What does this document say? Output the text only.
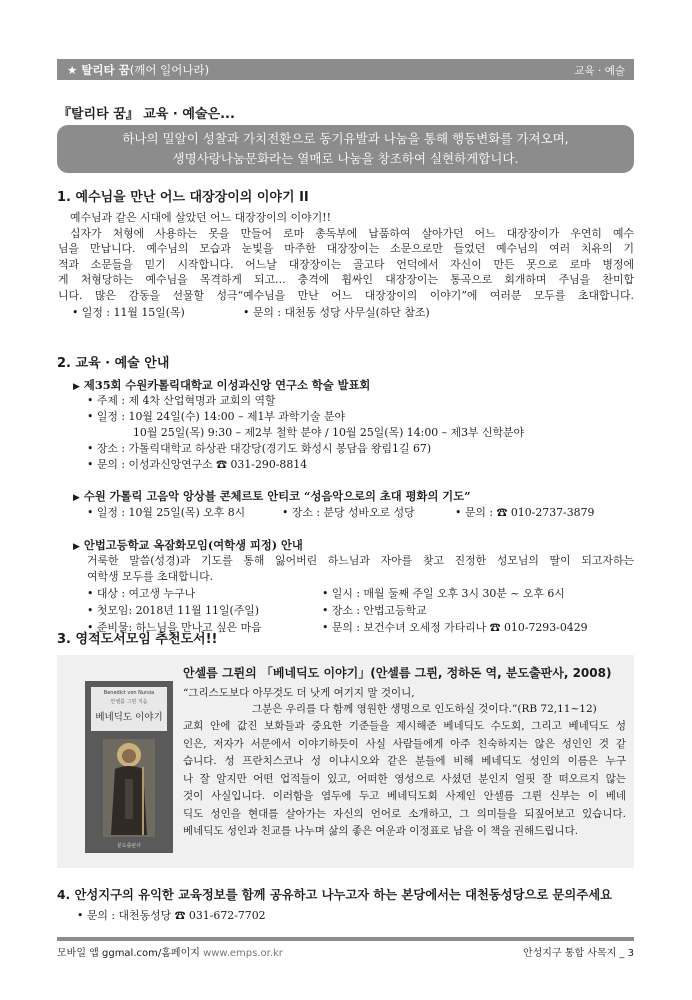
★ 탈리타 꿈(깨어 일어나라)	교육 · 예술
『탈리타 꿈』 교육 · 예술은...
하나의 밀알이 성찰과 가치전환으로 동기유발과 나눔을 통해 행동변화를 가져오며,
생명사랑나눔문화라는 열매로 나눔을 창조하여 실현하게합니다.
1. 예수님을 만난 어느 대장장이의 이야기 II

예수님과 같은 시대에 살았던 어느 대장장이의 이야기!!

십자가 처형에 사용하는 못을 만들어 로마 총독부에 납품하여 살아가던 어느 대장장이가 우연히 예수
님을 만납니다. 예수님의 모습과 눈빛을 마주한 대장장이는 소문으로만 들었던 예수님의 여러 치유의 기
적과 소문들을 믿기 시작합니다. 어느날 대장장이는 골고타 언덕에서 자신이 만든 못으로 로마 병정에
게 처형당하는 예수님을 목격하게 되고... 충격에 휩싸인 대장장이는 통곡으로 회개하며 주님을 찬미합
니다. 많은 감동을 선물할 성극“예수님을 만난 어느 대장장이의 이야기”에 여러분 모두를 초대합니다.
• 일정 : 11월 15일(목)	• 문의 : 대천동 성당 사무실(하단 참조)
2. 교육 · 예술 안내
▶ 제35회 수원카톨릭대학교 이성과신앙 연구소 학술 발표회
• 주제 : 제 4차 산업혁명과 교회의 역할
• 일정 : 10월 24일(수) 14:00 – 제1부 과학기술 분야
10월 25일(목) 9:30 – 제2부 철학 분야 / 10월 25일(목) 14:00 – 제3부 신학분야
• 장소 : 가톨릭대학교 하상관 대강당(경기도 화성시 봉담읍 왕림1길 67)
• 문의 : 이성과신앙연구소 ☎ 031-290-8814
▶ 수원 가톨릭 고음악 앙상블 콘체르토 안티코 “성음악으로의 초대 평화의 기도”
• 일정 : 10월 25일(목) 오후 8시	• 장소 : 분당 성바오로 성당	• 문의 : ☎ 010-2737-3879
▶ 안법고등학교 옥잠화모임(여학생 피정) 안내
거룩한 말씀(성경)과 기도를 통해 잃어버린 하느님과 자아를 찾고 진정한 성모님의 딸이 되고자하는
여학생 모두를 초대합니다.
• 대상 : 여고생 누구나	• 일시 : 매월 둘째 주일 오후 3시 30분 ~ 오후 6시
• 첫모임: 2018년 11월 11일(주일)	• 장소 : 안법고등학교
• 준비물: 하느님을 만나고 싶은 마음	• 문의 : 보건수녀 오세정 가타리나 ☎ 010-7293-0429
3. 영적도서모임 추천도서!!
Benedict von Nursia
안셀름 그륀 지음
베네딕도 이야기
분도출판사
안셀름 그륀의 「베네딕도 이야기」(안셀름 그륀, 정하돈 역, 분도출판사, 2008)
“그리스도보다 아무것도 더 낫게 여기지 말 것이니,
그분은 우리를 다 함께 영원한 생명으로 인도하실 것이다.”(RB 72,11~12)
교회 안에 값진 보화들과 중요한 기준들을 제시해준 베네딕도 수도회, 그리고 베네딕도 성
인은, 저자가 서문에서 이야기하듯이 사실 사람들에게 아주 친숙하지는 않은 성인인 것 같
습니다. 성 프란치스코나 성 이냐시오와 같은 분들에 비해 베네딕도 성인의 이름은 누구
나 잘 알지만 어떤 업적들이 있고, 어떠한 영성으로 사셨던 분인지 얼핏 잘 떠오르지 않는
것이 사실입니다. 이러함을 염두에 두고 베네딕도회 사제인 안셀름 그륀 신부는 이 베네
딕도 성인을 현대를 살아가는 자신의 언어로 소개하고, 그 의미들을 되짚어보고 있습니다.
베네딕도 성인과 친교를 나누며 삶의 좋은 여운과 이정표로 남을 이 책을 권해드립니다.
4. 안성지구의 유익한 교육정보를 함께 공유하고 나누고자 하는 본당에서는 대천동성당으로 문의주세요
• 문의 : 대천동성당 ☎ 031-672-7702
모바일 앱 ggmal.com/홈페이지 www.emps.or.kr	안성지구 통합 사목지 _ 3
